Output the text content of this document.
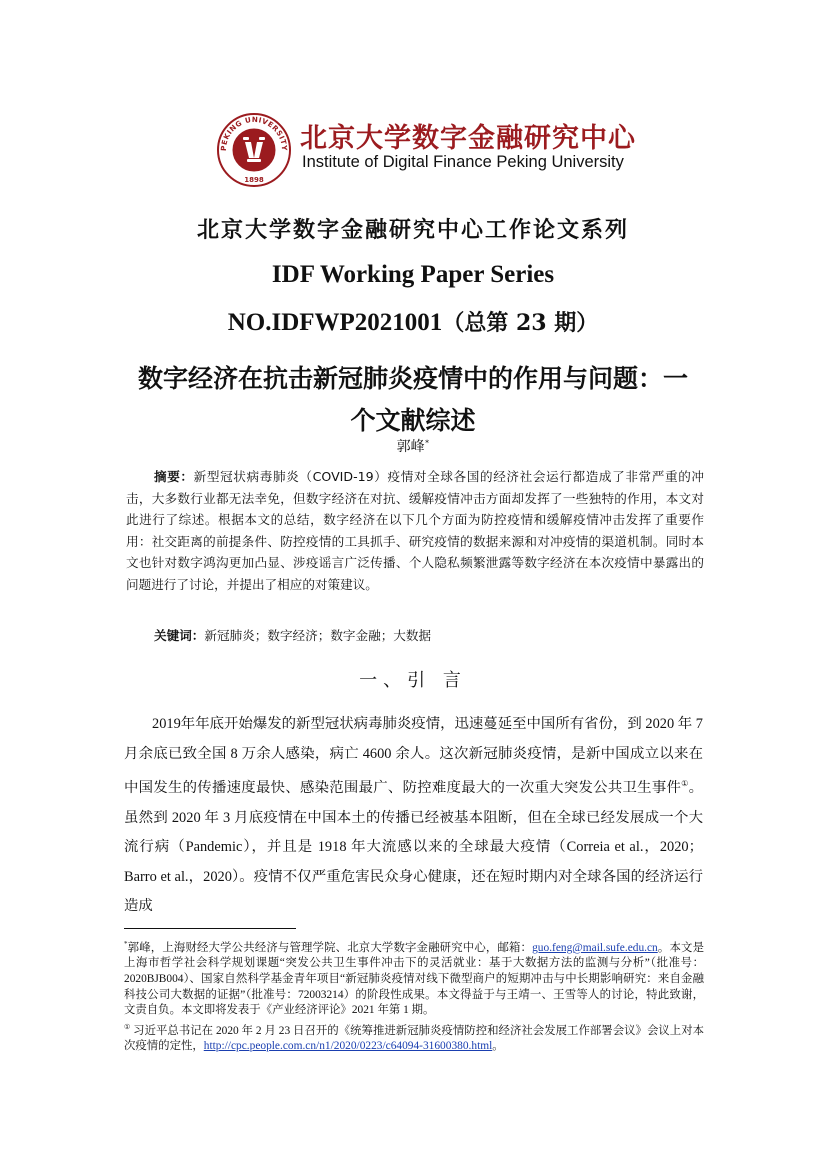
PEKING UNIVERSITY
1898
北京大学数字金融研究中心
Institute of Digital Finance Peking University
北京大学数字金融研究中心工作论文系列
IDF Working Paper Series
NO.IDFWP2021001（总第 23 期）
数字经济在抗击新冠肺炎疫情中的作用与问题：一
个文献综述
郭峰*
摘要：新型冠状病毒肺炎（COVID-19）疫情对全球各国的经济社会运行都造成了非常严重的冲击，大多数行业都无法幸免，但数字经济在对抗、缓解疫情冲击方面却发挥了一些独特的作用，本文对此进行了综述。根据本文的总结，数字经济在以下几个方面为防控疫情和缓解疫情冲击发挥了重要作用：社交距离的前提条件、防控疫情的工具抓手、研究疫情的数据来源和对冲疫情的渠道机制。同时本文也针对数字鸿沟更加凸显、涉疫谣言广泛传播、个人隐私频繁泄露等数字经济在本次疫情中暴露出的问题进行了讨论，并提出了相应的对策建议。
关键词：新冠肺炎；数字经济；数字金融；大数据
一、引 言
2019年年底开始爆发的新型冠状病毒肺炎疫情，迅速蔓延至中国所有省份，到 2020 年 7 月余底已致全国 8 万余人感染，病亡 4600 余人。这次新冠肺炎疫情，是新中国成立以来在中国发生的传播速度最快、感染范围最广、防控难度最大的一次重大突发公共卫生事件①。虽然到 2020 年 3 月底疫情在中国本土的传播已经被基本阻断，但在全球已经发展成一个大流行病（Pandemic），并且是 1918 年大流感以来的全球最大疫情（Correia et al.，2020；Barro et al.，2020）。疫情不仅严重危害民众身心健康，还在短时期内对全球各国的经济运行造成
*郭峰，上海财经大学公共经济与管理学院、北京大学数字金融研究中心，邮箱：guo.feng@mail.sufe.edu.cn。本文是上海市哲学社会科学规划课题“突发公共卫生事件冲击下的灵活就业：基于大数据方法的监测与分析”（批准号：2020BJB004）、国家自然科学基金青年项目“新冠肺炎疫情对线下微型商户的短期冲击与中长期影响研究：来自金融科技公司大数据的证据”（批准号：72003214）的阶段性成果。本文得益于与王靖一、王雪等人的讨论，特此致谢，文责自负。本文即将发表于《产业经济评论》2021 年第 1 期。
① 习近平总书记在 2020 年 2 月 23 日召开的《统筹推进新冠肺炎疫情防控和经济社会发展工作部署会议》会议上对本次疫情的定性，http://cpc.people.com.cn/n1/2020/0223/c64094-31600380.html。
